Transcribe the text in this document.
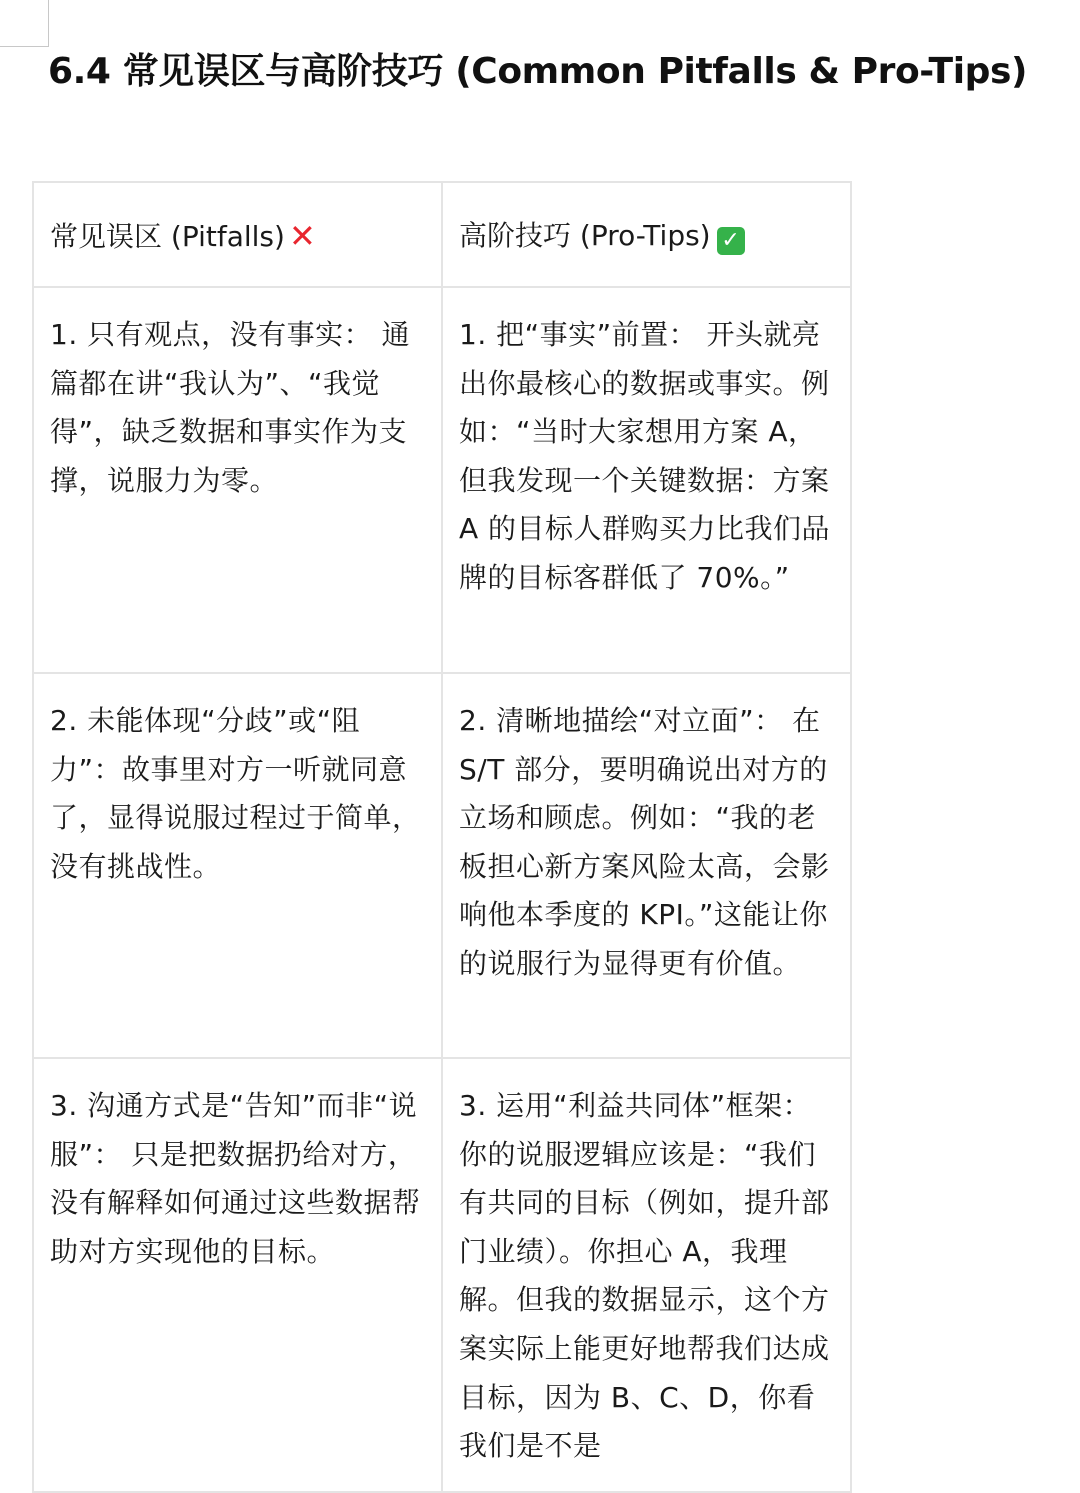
6.4 常见误区与高阶技巧 (Common Pitfalls & Pro-Tips)
常见误区 (Pitfalls) ✕	高阶技巧 (Pro-Tips) ✓

1. 只有观点，没有事实： 通篇都在讲“我认为”、“我觉得”，缺乏数据和事实作为支撑，说服力为零。	1. 把“事实”前置： 开头就亮出你最核心的数据或事实。例如：“当时大家想用方案 A，但我发现一个关键数据：方案 A 的目标人群购买力比我们品牌的目标客群低了 70%。”

2. 未能体现“分歧”或“阻力”：故事里对方一听就同意了，显得说服过程过于简单，没有挑战性。	2. 清晰地描绘“对立面”： 在 S/T 部分，要明确说出对方的立场和顾虑。例如：“我的老板担心新方案风险太高，会影响他本季度的 KPI。”这能让你的说服行为显得更有价值。

3. 沟通方式是“告知”而非“说服”： 只是把数据扔给对方，没有解释如何通过这些数据帮助对方实现他的目标。	3. 运用“利益共同体”框架：你的说服逻辑应该是：“我们有共同的目标（例如，提升部门业绩）。你担心 A，我理解。但我的数据显示，这个方案实际上能更好地帮我们达成目标，因为 B、C、D，你看我们是不是
